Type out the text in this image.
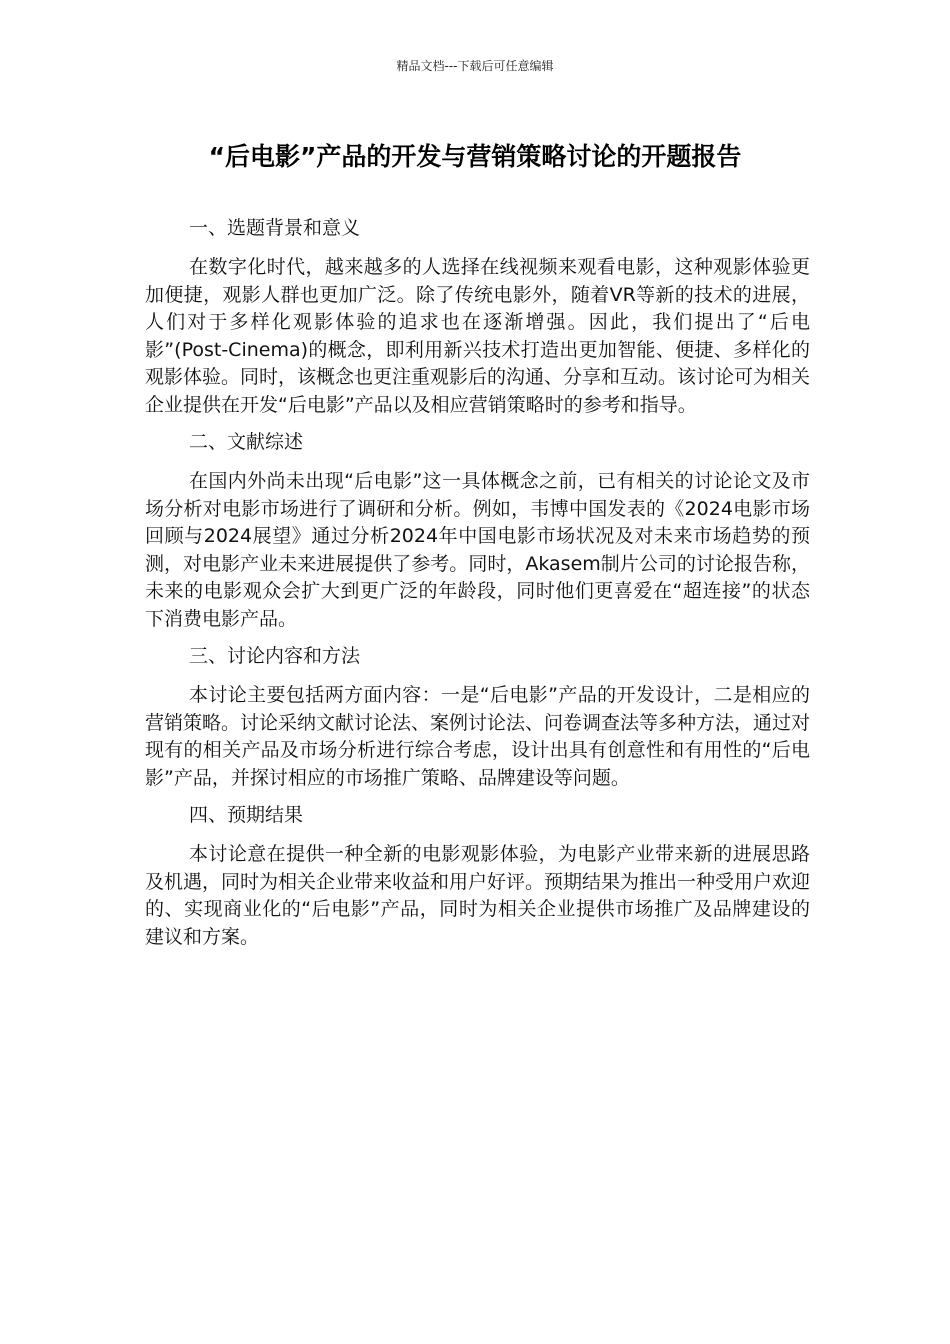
精品文档---下载后可任意编辑
“后电影”产品的开发与营销策略讨论的开题报告
一、选题背景和意义

在数字化时代，越来越多的人选择在线视频来观看电影，这种观影体验更加便捷，观影人群也更加广泛。除了传统电影外，随着VR等新的技术的进展，人们对于多样化观影体验的追求也在逐渐增强。因此，我们提出了“后电影”(Post-Cinema)的概念，即利用新兴技术打造出更加智能、便捷、多样化的观影体验。同时，该概念也更注重观影后的沟通、分享和互动。该讨论可为相关企业提供在开发“后电影”产品以及相应营销策略时的参考和指导。

二、文献综述

在国内外尚未出现“后电影”这一具体概念之前，已有相关的讨论论文及市场分析对电影市场进行了调研和分析。例如，韦博中国发表的《2024电影市场回顾与2024展望》通过分析2024年中国电影市场状况及对未来市场趋势的预测，对电影产业未来进展提供了参考。同时，Akasem制片公司的讨论报告称，未来的电影观众会扩大到更广泛的年龄段，同时他们更喜爱在“超连接”的状态下消费电影产品。

三、讨论内容和方法

本讨论主要包括两方面内容：一是“后电影”产品的开发设计，二是相应的营销策略。讨论采纳文献讨论法、案例讨论法、问卷调查法等多种方法，通过对现有的相关产品及市场分析进行综合考虑，设计出具有创意性和有用性的“后电影”产品，并探讨相应的市场推广策略、品牌建设等问题。

四、预期结果

本讨论意在提供一种全新的电影观影体验，为电影产业带来新的进展思路及机遇，同时为相关企业带来收益和用户好评。预期结果为推出一种受用户欢迎的、实现商业化的“后电影”产品，同时为相关企业提供市场推广及品牌建设的建议和方案。
